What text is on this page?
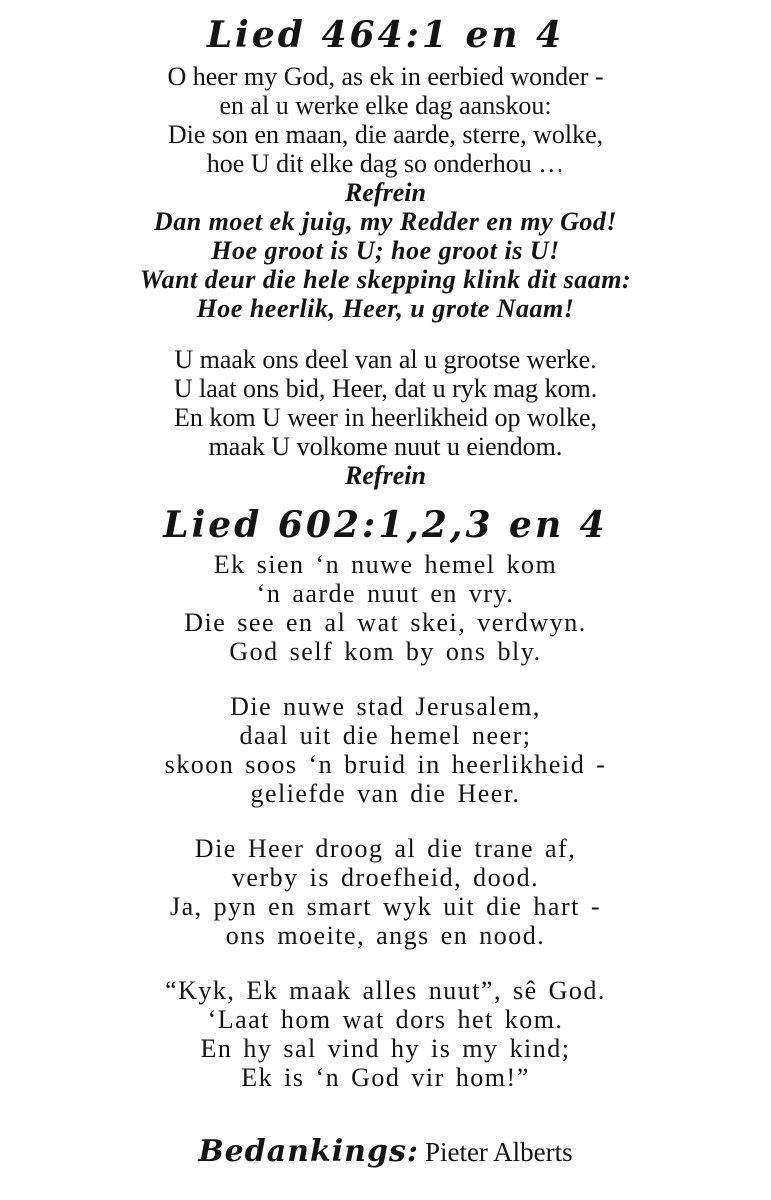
Lied 464:1 en 4
O heer my God, as ek in eerbied wonder -
en al u werke elke dag aanskou:
Die son en maan, die aarde, sterre, wolke,
hoe U dit elke dag so onderhou …
Refrein
Dan moet ek juig, my Redder en my God!
Hoe groot is U; hoe groot is U!
Want deur die hele skepping klink dit saam:
Hoe heerlik, Heer, u grote Naam!
U maak ons deel van al u grootse werke.
U laat ons bid, Heer, dat u ryk mag kom.
En kom U weer in heerlikheid op wolke,
maak U volkome nuut u eiendom.
Refrein
Lied 602:1,2,3 en 4
Ek sien ‘n nuwe hemel kom
‘n aarde nuut en vry.
Die see en al wat skei, verdwyn.
God self kom by ons bly.
Die nuwe stad Jerusalem,
daal uit die hemel neer;
skoon soos ‘n bruid in heerlikheid -
geliefde van die Heer.
Die Heer droog al die trane af,
verby is droefheid, dood.
Ja, pyn en smart wyk uit die hart -
ons moeite, angs en nood.
“Kyk, Ek maak alles nuut”, sê God.
‘Laat hom wat dors het kom.
En hy sal vind hy is my kind;
Ek is ‘n God vir hom!”
Bedankings: Pieter Alberts
